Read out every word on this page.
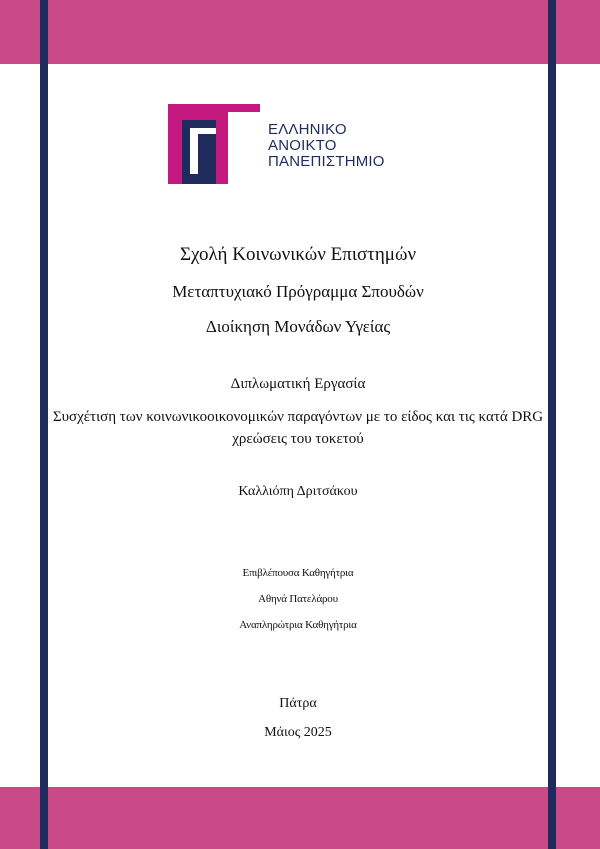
ΕΛΛΗΝΙΚΟ
ΑΝΟΙΚΤΟ
ΠΑΝΕΠΙΣΤΗΜΙΟ
Σχολή Κοινωνικών Επιστημών
Μεταπτυχιακό Πρόγραμμα Σπουδών
Διοίκηση Μονάδων Υγείας
Διπλωματική Εργασία
Συσχέτιση των κοινωνικοοικονομικών παραγόντων με το είδος και τις κατά DRG χρεώσεις του τοκετού
Καλλιόπη Δριτσάκου
Επιβλέπουσα Καθηγήτρια
Αθηνά Πατελάρου
Αναπληρώτρια Καθηγήτρια
Πάτρα
Μάιος 2025
